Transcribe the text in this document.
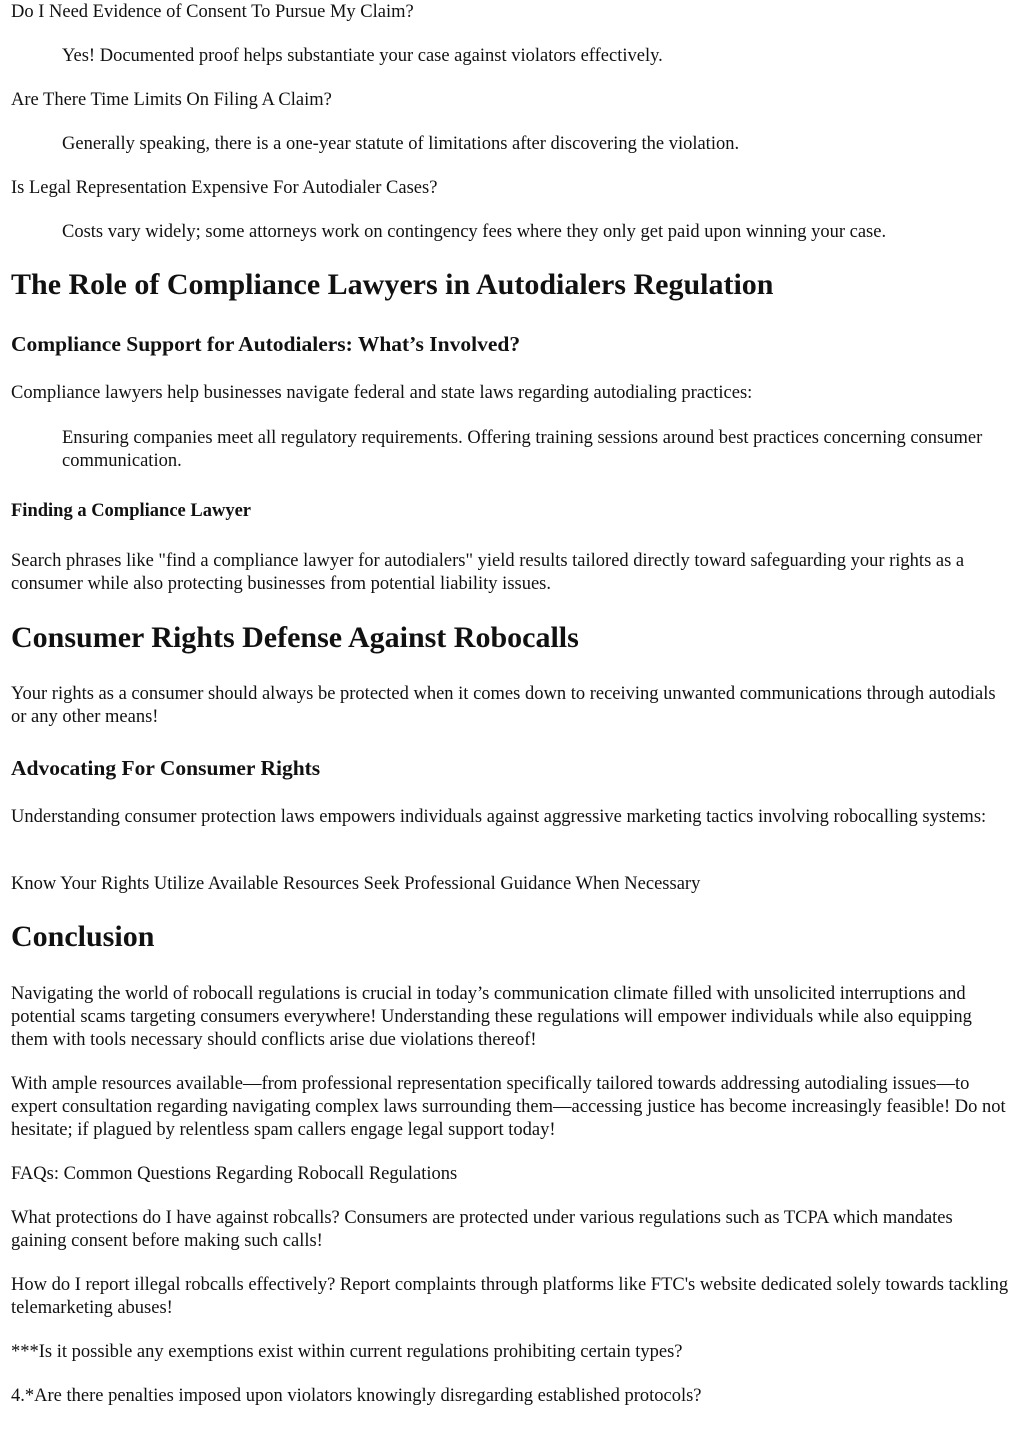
Do I Need Evidence of Consent To Pursue My Claim?

Yes! Documented proof helps substantiate your case against violators effectively.

Are There Time Limits On Filing A Claim?

Generally speaking, there is a one-year statute of limitations after discovering the violation.

Is Legal Representation Expensive For Autodialer Cases?

Costs vary widely; some attorneys work on contingency fees where they only get paid upon winning your case.

The Role of Compliance Lawyers in Autodialers Regulation
Compliance Support for Autodialers: What’s Involved?

Compliance lawyers help businesses navigate federal and state laws regarding autodialing practices:

Ensuring companies meet all regulatory requirements. Offering training sessions around best practices concerning consumer communication.

Finding a Compliance Lawyer

Search phrases like "find a compliance lawyer for autodialers" yield results tailored directly toward safeguarding your rights as a consumer while also protecting businesses from potential liability issues.

Consumer Rights Defense Against Robocalls

Your rights as a consumer should always be protected when it comes down to receiving unwanted communications through autodials or any other means!

Advocating For Consumer Rights

Understanding consumer protection laws empowers individuals against aggressive marketing tactics involving robocalling systems:

Know Your Rights Utilize Available Resources Seek Professional Guidance When Necessary

Conclusion

Navigating the world of robocall regulations is crucial in today’s communication climate filled with unsolicited interruptions and potential scams targeting consumers everywhere! Understanding these regulations will empower individuals while also equipping them with tools necessary should conflicts arise due violations thereof!

With ample resources available—from professional representation specifically tailored towards addressing autodialing issues—to expert consultation regarding navigating complex laws surrounding them—accessing justice has become increasingly feasible! Do not hesitate; if plagued by relentless spam callers engage legal support today!

FAQs: Common Questions Regarding Robocall Regulations

What protections do I have against robcalls? Consumers are protected under various regulations such as TCPA which mandates gaining consent before making such calls!

How do I report illegal robcalls effectively? Report complaints through platforms like FTC's website dedicated solely towards tackling telemarketing abuses!

***Is it possible any exemptions exist within current regulations prohibiting certain types?

4.*Are there penalties imposed upon violators knowingly disregarding established protocols?
